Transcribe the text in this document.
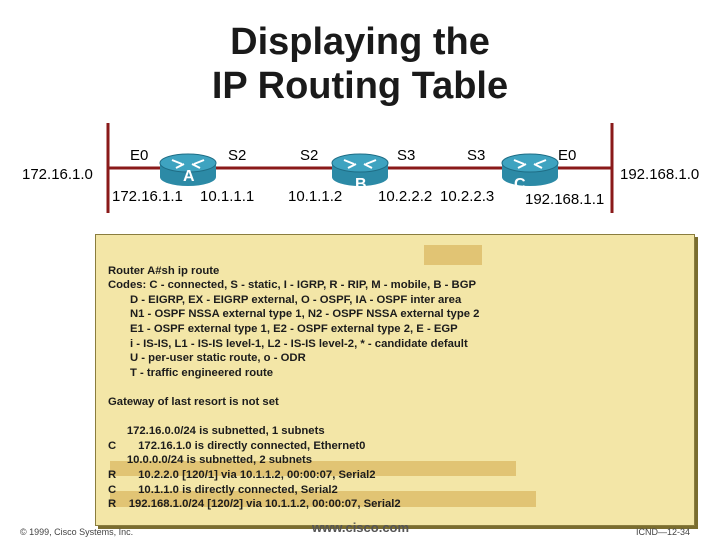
Displaying the
IP Routing Table
A	B	C
172.16.1.0	192.168.1.0
E0	S2	S2	S3	S3	E0
172.16.1.1 10.1.1.1 10.1.1.2 10.2.2.2 10.2.2.3 192.168.1.1

Router A#sh ip route
Codes: C - connected, S - static, I - IGRP, R - RIP, M - mobile, B - BGP
D - EIGRP, EX - EIGRP external, O - OSPF, IA - OSPF inter area
N1 - OSPF NSSA external type 1, N2 - OSPF NSSA external type 2
E1 - OSPF external type 1, E2 - OSPF external type 2, E - EGP
i - IS-IS, L1 - IS-IS level-1, L2 - IS-IS level-2, * - candidate default
U - per-user static route, o - ODR
T - traffic engineered route

Gateway of last resort is not set

172.16.0.0/24 is subnetted, 1 subnets
C       172.16.1.0 is directly connected, Ethernet0
10.0.0.0/24 is subnetted, 2 subnets
R       10.2.2.0 [120/1] via 10.1.1.2, 00:00:07, Serial2
C       10.1.1.0 is directly connected, Serial2
R    192.168.1.0/24 [120/2] via 10.1.1.2, 00:00:07, Serial2
© 1999, Cisco Systems, Inc.	www.cisco.com	ICND—12-34
